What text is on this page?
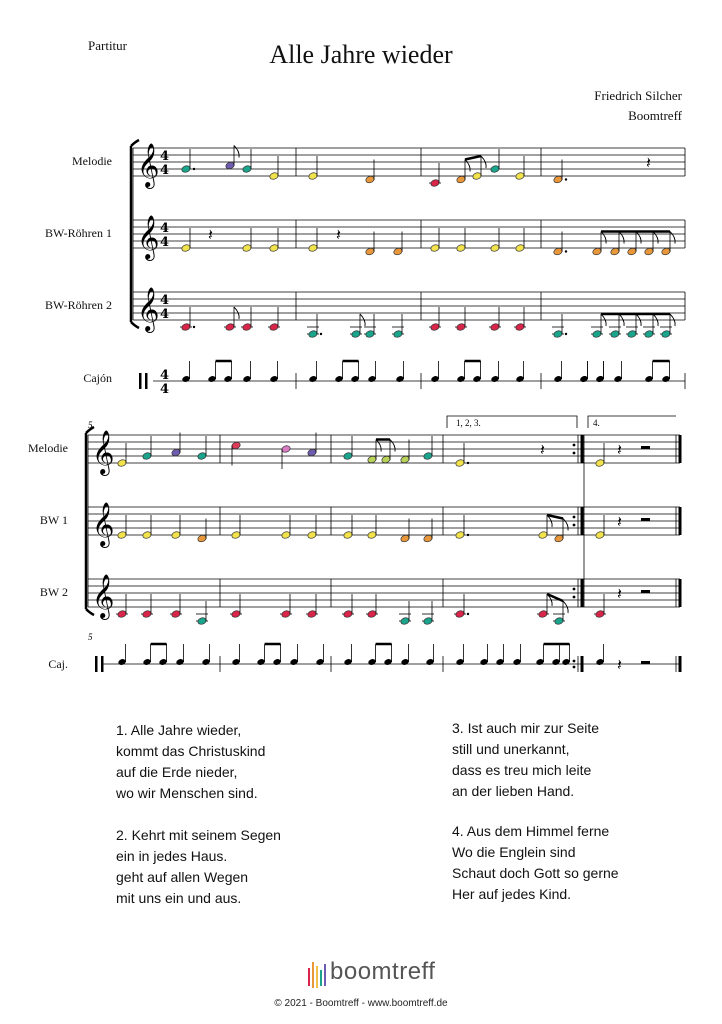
Partitur	Alle Jahre wieder
Friedrich Silcher
Boomtreff
Melodie
BW-Röhren 1
BW-Röhren 2
Cajón
Melodie
BW 1
BW 2
Caj.
𝄞 4
4
𝄞 4
4
𝄞 4
4
4
4
𝄽
𝄽	𝄽
𝄞
𝄞
𝄞
𝄽	𝄽
𝄽
𝄽
𝄽
5
5
1, 2, 3.	4.
1. Alle Jahre wieder,
kommt das Christuskind
auf die Erde nieder,
wo wir Menschen sind.
2. Kehrt mit seinem Segen
ein in jedes Haus.
geht auf allen Wegen
mit uns ein und aus.
3. Ist auch mir zur Seite
still und unerkannt,
dass es treu mich leite
an der lieben Hand.
4. Aus dem Himmel ferne
Wo die Englein sind
Schaut doch Gott so gerne
Her auf jedes Kind.
boomtreff
© 2021 - Boomtreff - www.boomtreff.de
